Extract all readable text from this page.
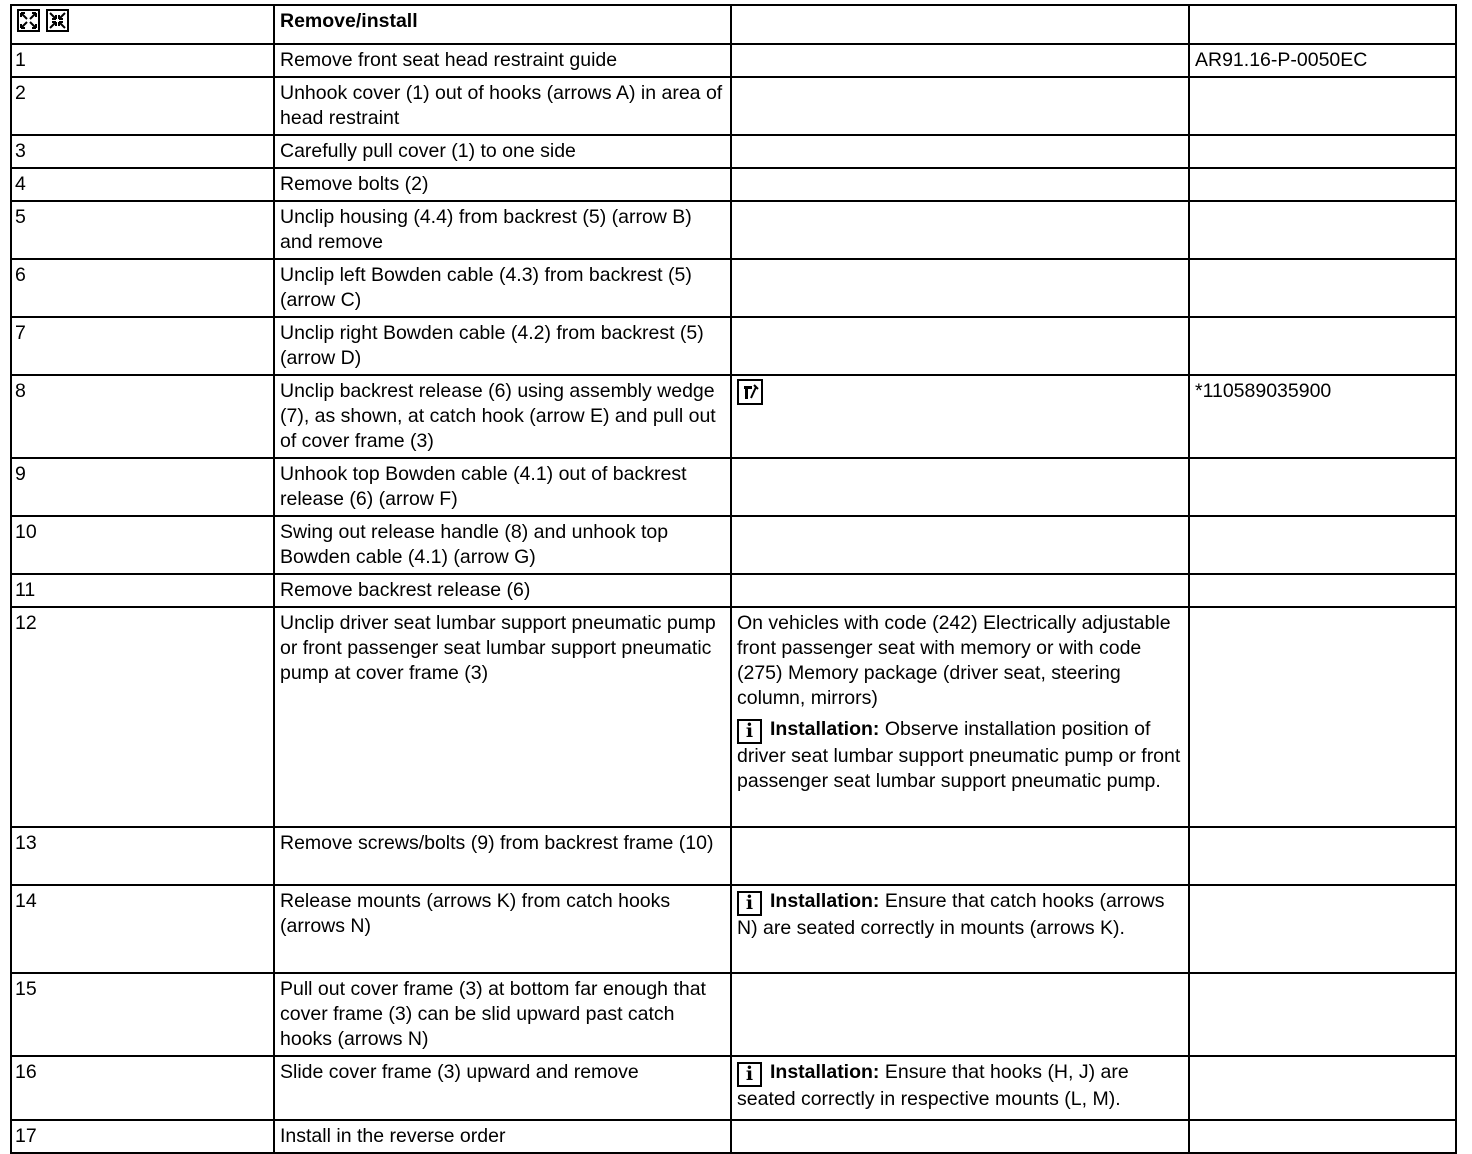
	Remove/install		
1	Remove front seat head restraint guide		AR91.16-P-0050EC
2	Unhook cover (1) out of hooks (arrows A) in area of head restraint		
3	Carefully pull cover (1) to one side		
4	Remove bolts (2)		
5	Unclip housing (4.4) from backrest (5) (arrow B) and remove		
6	Unclip left Bowden cable (4.3) from backrest (5) (arrow C)		
7	Unclip right Bowden cable (4.2) from backrest (5) (arrow D)		
8	Unclip backrest release (6) using assembly wedge (7), as shown, at catch hook (arrow E) and pull out of cover frame (3)		*110589035900
9	Unhook top Bowden cable (4.1) out of backrest release (6) (arrow F)		
10	Swing out release handle (8) and unhook top Bowden cable (4.1) (arrow G)		
11	Remove backrest release (6)		
12	Unclip driver seat lumbar support pneumatic pump or front passenger seat lumbar support pneumatic pump at cover frame (3)	On vehicles with code (242) Electrically adjustable front passenger seat with memory or with code (275) Memory package (driver seat, steering column, mirrors)
i Installation: Observe installation position of driver seat lumbar support pneumatic pump or front passenger seat lumbar support pneumatic pump.	

13	Remove screws/bolts (9) from backrest frame (10)		
14	Release mounts (arrows K) from catch hooks (arrows N)	i Installation: Ensure that catch hooks (arrows N) are seated correctly in mounts (arrows K).	

15	Pull out cover frame (3) at bottom far enough that cover frame (3) can be slid upward past catch hooks (arrows N)		
16	Slide cover frame (3) upward and remove	i Installation: Ensure that hooks (H, J) are seated correctly in respective mounts (L, M).	

17	Install in the reverse order		
